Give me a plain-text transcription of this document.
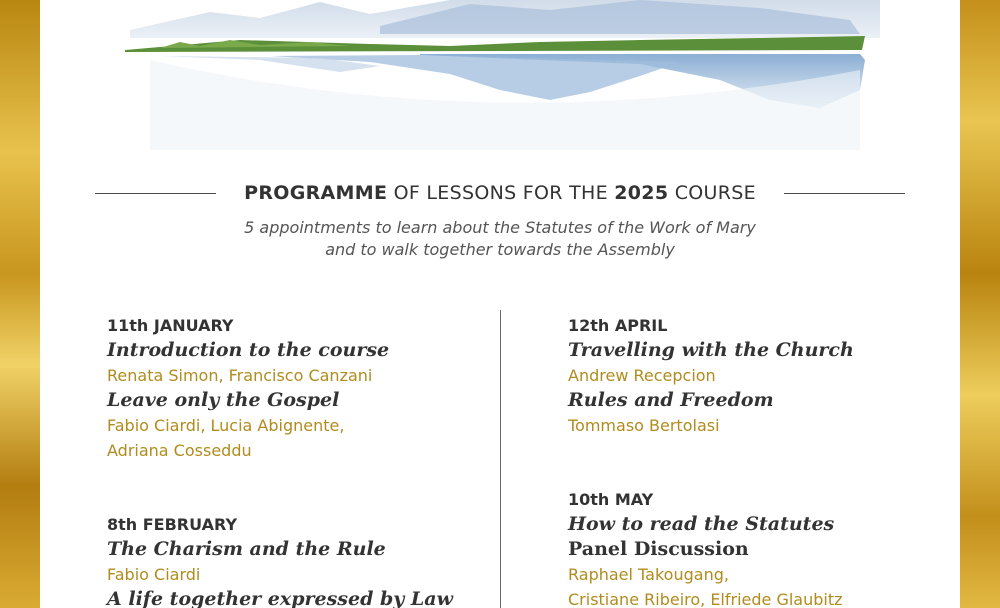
PROGRAMME OF LESSONS FOR THE 2025 COURSE
5 appointments to learn about the Statutes of the Work of Mary
and to walk together towards the Assembly
11th JANUARY
Introduction to the course
Renata Simon, Francisco Canzani
Leave only the Gospel
Fabio Ciardi, Lucia Abignente,
Adriana Cosseddu
8th FEBRUARY
The Charism and the Rule
Fabio Ciardi
A life together expressed by Law
12th APRIL
Travelling with the Church
Andrew Recepcion
Rules and Freedom
Tommaso Bertolasi
10th MAY
How to read the Statutes
Panel Discussion
Raphael Takougang,
Cristiane Ribeiro, Elfriede Glaubitz
